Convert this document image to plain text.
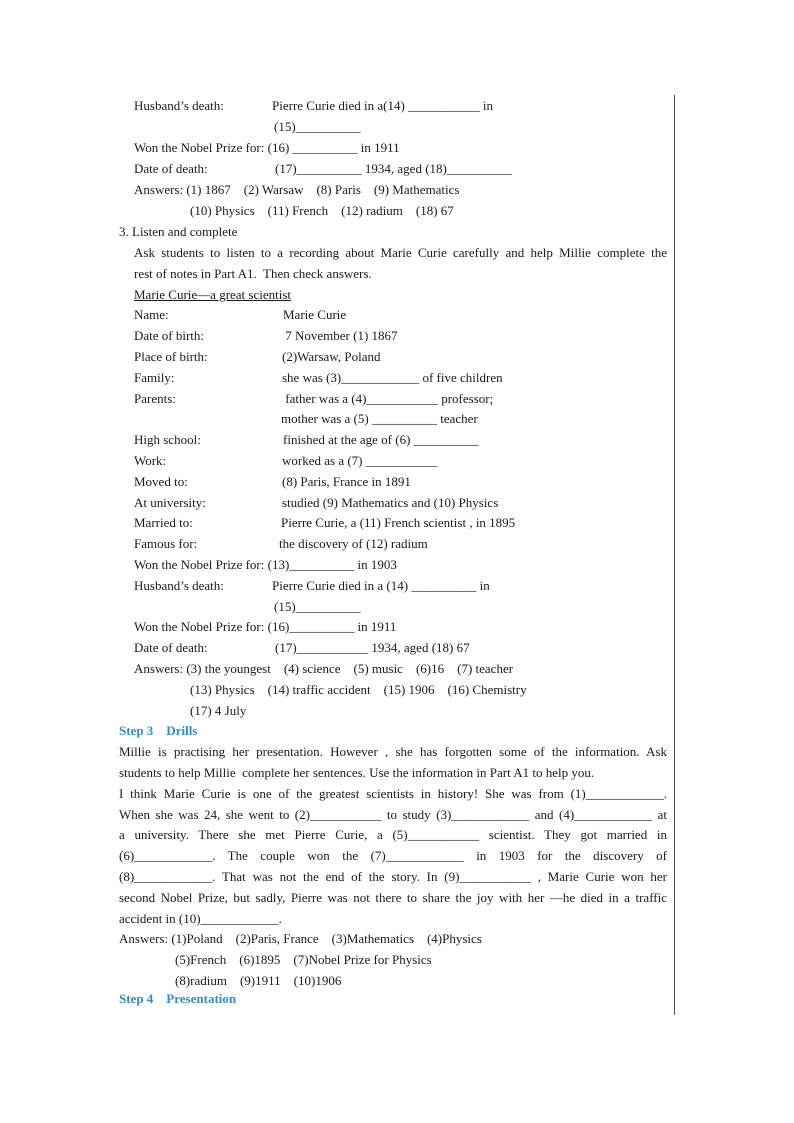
Husband’s death:	Pierre Curie died in a(14) ___________ in
(15)__________
Won the Nobel Prize for: (16) __________ in 1911
Date of death:	(17)__________ 1934, aged (18)__________
Answers: (1) 1867    (2) Warsaw    (8) Paris    (9) Mathematics
(10) Physics    (11) French    (12) radium    (18) 67
3. Listen and complete
Ask students to listen to a recording about Marie Curie carefully and help Millie complete the
rest of notes in Part A1.  Then check answers.
Marie Curie—a great scientist
Name:	Marie Curie
Date of birth:	7 November (1) 1867
Place of birth:	(2)Warsaw, Poland
Family:	she was (3)____________ of five children
Parents:	father was a (4)___________ professor;
mother was a (5) __________ teacher
High school:	finished at the age of (6) __________
Work:	worked as a (7) ___________
Moved to:	(8) Paris, France in 1891
At university:	studied (9) Mathematics and (10) Physics
Married to:	Pierre Curie, a (11) French scientist , in 1895
Famous for:	the discovery of (12) radium
Won the Nobel Prize for: (13)__________ in 1903
Husband’s death:	Pierre Curie died in a (14) __________ in
(15)__________
Won the Nobel Prize for: (16)__________ in 1911
Date of death:	(17)___________ 1934, aged (18) 67
Answers: (3) the youngest    (4) science    (5) music    (6)16    (7) teacher
(13) Physics    (14) traffic accident    (15) 1906    (16) Chemistry
(17) 4 July
Step 3    Drills
Millie is practising her presentation. However , she has forgotten some of the information. Ask
students to help Millie  complete her sentences. Use the information in Part A1 to help you.
I think Marie Curie is one of the greatest scientists in history! She was from (1)____________.
When she was 24, she went to (2)___________ to study (3)____________ and (4)____________ at
a university. There she met Pierre Curie, a (5)___________ scientist. They got married in
(6)____________. The couple won the (7)____________ in 1903 for the discovery of
(8)____________. That was not the end of the story. In (9)___________ , Marie Curie won her
second Nobel Prize, but sadly, Pierre was not there to share the joy with her —he died in a traffic
accident in (10)____________.
Answers: (1)Poland    (2)Paris, France    (3)Mathematics    (4)Physics
(5)French    (6)1895    (7)Nobel Prize for Physics
(8)radium    (9)1911    (10)1906
Step 4    Presentation
